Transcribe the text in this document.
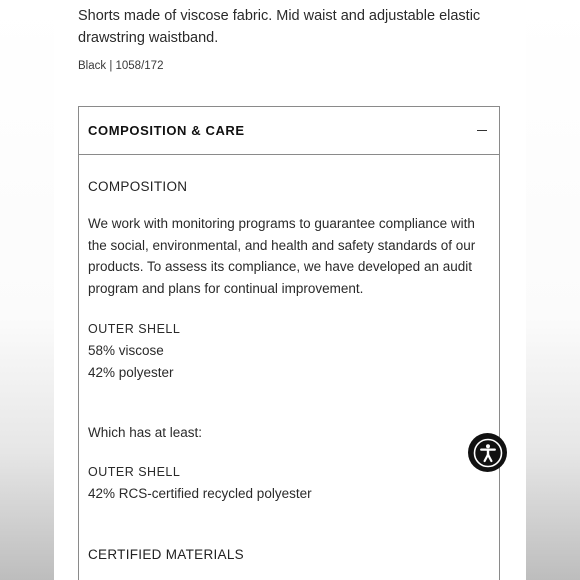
Shorts made of viscose fabric. Mid waist and adjustable elastic drawstring waistband.

Black | 1058/172

COMPOSITION & CARE

COMPOSITION

We work with monitoring programs to guarantee compliance with the social, environmental, and health and safety standards of our products. To assess its compliance, we have developed an audit program and plans for continual improvement.

OUTER SHELL

58% viscose

42% polyester

Which has at least:

OUTER SHELL

42% RCS-certified recycled polyester

CERTIFIED MATERIALS
